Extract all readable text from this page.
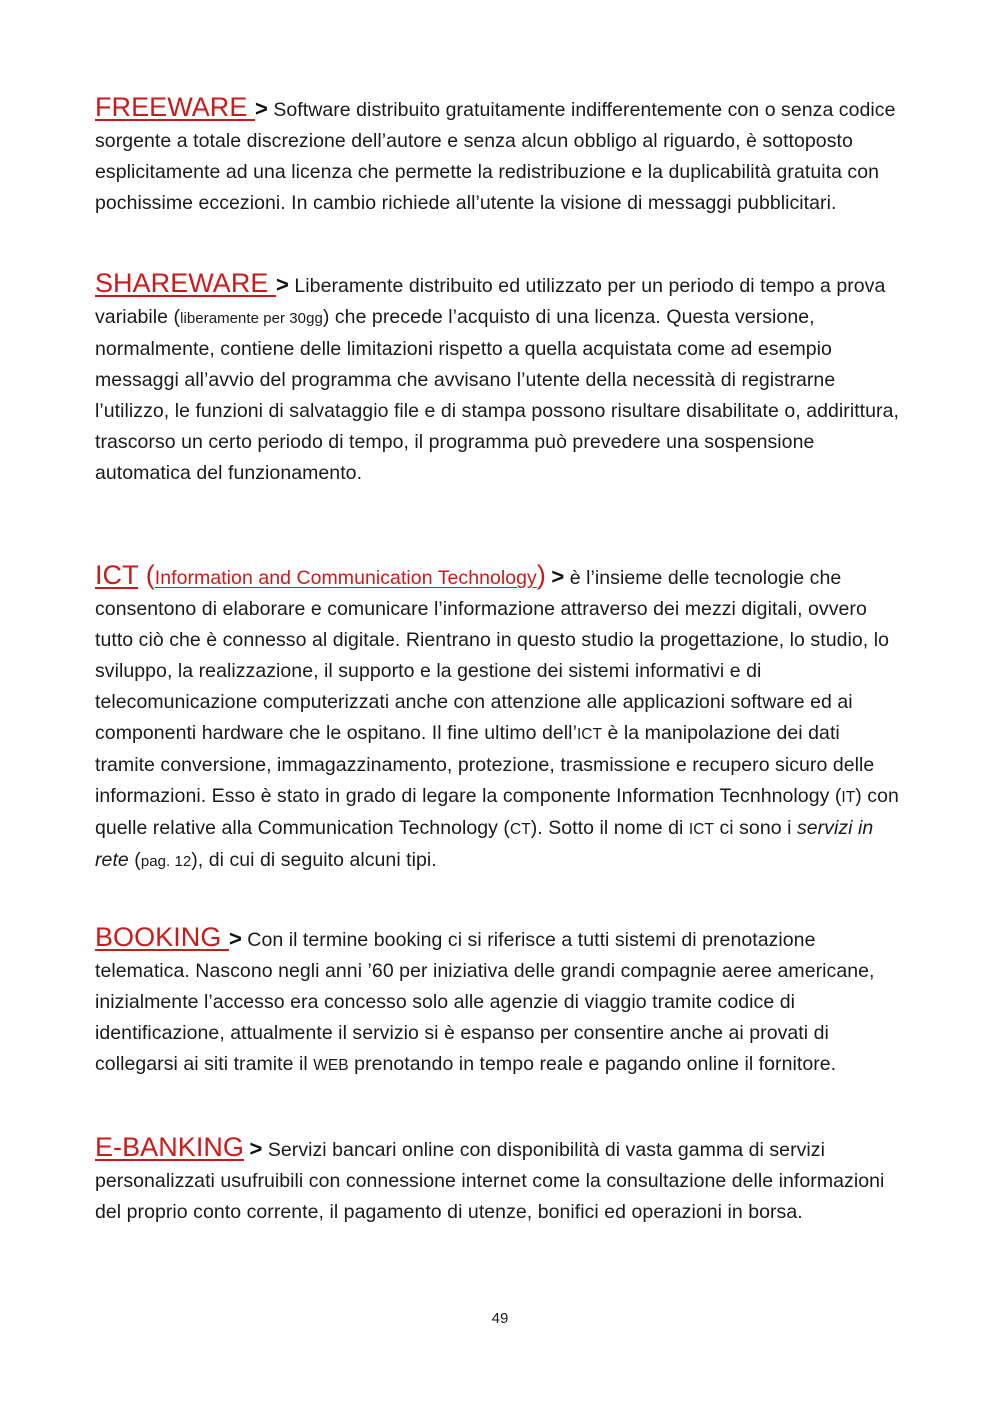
FREEWARE > Software distribuito gratuitamente indifferentemente con o senza codice sorgente a totale discrezione dell’autore e senza alcun obbligo al riguardo, è sottoposto esplicitamente ad una licenza che permette la redistribuzione e la duplicabilità gratuita con pochissime eccezioni. In cambio richiede all’utente la visione di messaggi pubblicitari.

SHAREWARE > Liberamente distribuito ed utilizzato per un periodo di tempo a prova variabile (liberamente per 30gg) che precede l’acquisto di una licenza. Questa versione, normalmente, contiene delle limitazioni rispetto a quella acquistata come ad esempio messaggi all’avvio del programma che avvisano l’utente della necessità di registrarne l’utilizzo, le funzioni di salvataggio file e di stampa possono risultare disabilitate o, addirittura, trascorso un certo periodo di tempo, il programma può prevedere una sospensione automatica del funzionamento.

ICT (Information and Communication Technology) > è l’insieme delle tecnologie che consentono di elaborare e comunicare l’informazione attraverso dei mezzi digitali, ovvero tutto ciò che è connesso al digitale. Rientrano in questo studio la progettazione, lo studio, lo sviluppo, la realizzazione, il supporto e la gestione dei sistemi informativi e di telecomunicazione computerizzati anche con attenzione alle applicazioni software ed ai componenti hardware che le ospitano. Il fine ultimo dell’ICT è la manipolazione dei dati tramite conversione, immagazzinamento, protezione, trasmissione e recupero sicuro delle informazioni. Esso è stato in grado di legare la componente Information Tecnhnology (IT) con quelle relative alla Communication Technology (CT). Sotto il nome di ICT ci sono i servizi in rete (pag. 12), di cui di seguito alcuni tipi.

BOOKING > Con il termine booking ci si riferisce a tutti sistemi di prenotazione telematica. Nascono negli anni ’60 per iniziativa delle grandi compagnie aeree americane, inizialmente l’accesso era concesso solo alle agenzie di viaggio tramite codice di identificazione, attualmente il servizio si è espanso per consentire anche ai provati di collegarsi ai siti tramite il WEB prenotando in tempo reale e pagando online il fornitore.

E-BANKING > Servizi bancari online con disponibilità di vasta gamma di servizi personalizzati usufruibili con connessione internet come la consultazione delle informazioni del proprio conto corrente, il pagamento di utenze, bonifici ed operazioni in borsa.

49
